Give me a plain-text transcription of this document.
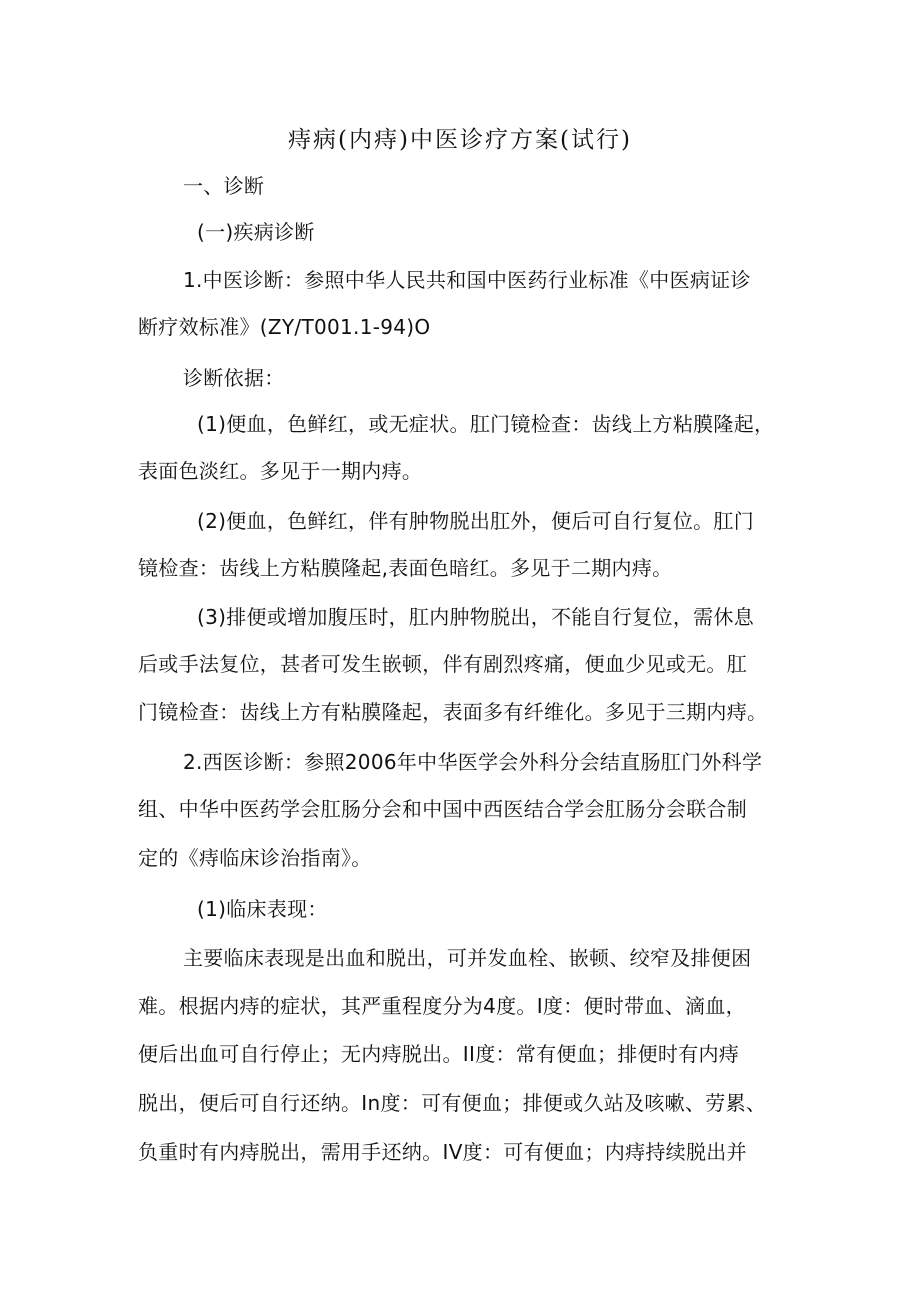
痔病(内痔)中医诊疗方案(试行)
一、诊断
(一)疾病诊断
1.中医诊断：参照中华人民共和国中医药行业标准《中医病证诊
断疗效标准》(ZY/T001.1-94)O
诊断依据：
(1)便血，色鲜红，或无症状。肛门镜检查：齿线上方粘膜隆起，
表面色淡红。多见于一期内痔。
(2)便血，色鲜红，伴有肿物脱出肛外，便后可自行复位。肛门
镜检查：齿线上方粘膜隆起,表面色暗红。多见于二期内痔。
(3)排便或增加腹压时，肛内肿物脱出，不能自行复位，需休息
后或手法复位，甚者可发生嵌顿，伴有剧烈疼痛，便血少见或无。肛
门镜检查：齿线上方有粘膜隆起，表面多有纤维化。多见于三期内痔。
2.西医诊断：参照2006年中华医学会外科分会结直肠肛门外科学
组、中华中医药学会肛肠分会和中国中西医结合学会肛肠分会联合制
定的《痔临床诊治指南》。
(1)临床表现：
主要临床表现是出血和脱出，可并发血栓、嵌顿、绞窄及排便困
难。根据内痔的症状，其严重程度分为4度。I度：便时带血、滴血，
便后出血可自行停止；无内痔脱出。II度：常有便血；排便时有内痔
脱出，便后可自行还纳。In度：可有便血；排便或久站及咳嗽、劳累、
负重时有内痔脱出，需用手还纳。IV度：可有便血；内痔持续脱出并
